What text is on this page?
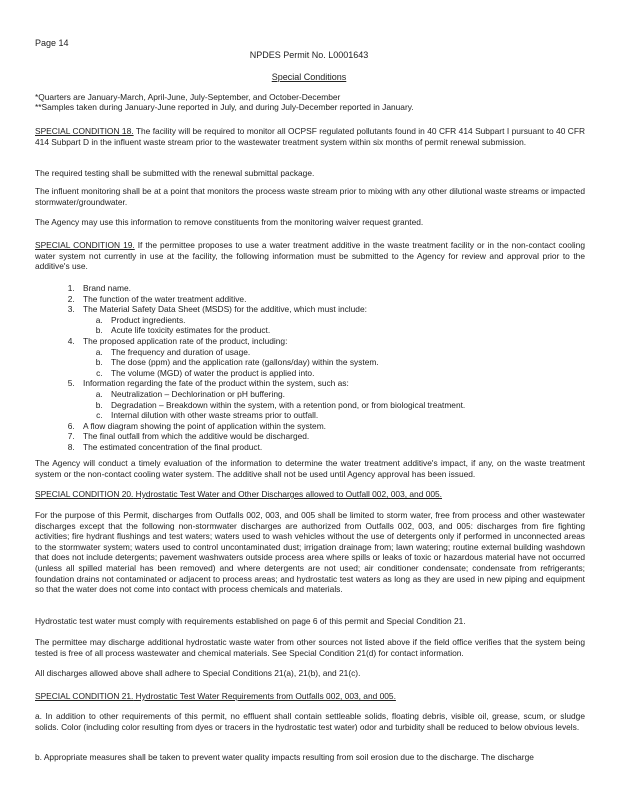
Page 14
NPDES Permit No. L0001643
Special Conditions

*Quarters are January-March, April-June, July-September, and October-December

**Samples taken during January-June reported in July, and during July-December reported in January.

SPECIAL CONDITION 18. The facility will be required to monitor all OCPSF regulated pollutants found in 40 CFR 414 Subpart I pursuant to 40 CFR 414 Subpart D in the influent waste stream prior to the wastewater treatment system within six months of permit renewal submission.

The required testing shall be submitted with the renewal submittal package.

The influent monitoring shall be at a point that monitors the process waste stream prior to mixing with any other dilutional waste streams or impacted stormwater/groundwater.

The Agency may use this information to remove constituents from the monitoring waiver request granted.

SPECIAL CONDITION 19. If the permittee proposes to use a water treatment additive in the waste treatment facility or in the non-contact cooling water system not currently in use at the facility, the following information must be submitted to the Agency for review and approval prior to the additive's use.

1. Brand name.
2. The function of the water treatment additive.
3. The Material Safety Data Sheet (MSDS) for the additive, which must include:
a. Product ingredients.
b. Acute life toxicity estimates for the product.
4. The proposed application rate of the product, including:
a. The frequency and duration of usage.
b. The dose (ppm) and the application rate (gallons/day) within the system.
c. The volume (MGD) of water the product is applied into.
5. Information regarding the fate of the product within the system, such as:
a. Neutralization – Dechlorination or pH buffering.
b. Degradation – Breakdown within the system, with a retention pond, or from biological treatment.
c. Internal dilution with other waste streams prior to outfall.
6. A flow diagram showing the point of application within the system.
7. The final outfall from which the additive would be discharged.
8. The estimated concentration of the final product.

The Agency will conduct a timely evaluation of the information to determine the water treatment additive's impact, if any, on the waste treatment system or the non-contact cooling water system. The additive shall not be used until Agency approval has been issued.

SPECIAL CONDITION 20. Hydrostatic Test Water and Other Discharges allowed to Outfall 002, 003, and 005.

For the purpose of this Permit, discharges from Outfalls 002, 003, and 005 shall be limited to storm water, free from process and other wastewater discharges except that the following non-stormwater discharges are authorized from Outfalls 002, 003, and 005: discharges from fire fighting activities; fire hydrant flushings and test waters; waters used to wash vehicles without the use of detergents only if performed in unconnected areas to the stormwater system; waters used to control uncontaminated dust; irrigation drainage from; lawn watering; routine external building washdown that does not include detergents; pavement washwaters outside process area where spills or leaks of toxic or hazardous material have not occurred (unless all spilled material has been removed) and where detergents are not used; air conditioner condensate; condensate from refrigerants; foundation drains not contaminated or adjacent to process areas; and hydrostatic test waters as long as they are used in new piping and equipment so that the water does not come into contact with process chemicals and materials.

Hydrostatic test water must comply with requirements established on page 6 of this permit and Special Condition 21.

The permittee may discharge additional hydrostatic waste water from other sources not listed above if the field office verifies that the system being tested is free of all process wastewater and chemical materials. See Special Condition 21(d) for contact information.

All discharges allowed above shall adhere to Special Conditions 21(a), 21(b), and 21(c).

SPECIAL CONDITION 21. Hydrostatic Test Water Requirements from Outfalls 002, 003, and 005.

a. In addition to other requirements of this permit, no effluent shall contain settleable solids, floating debris, visible oil, grease, scum, or sludge solids. Color (including color resulting from dyes or tracers in the hydrostatic test water) odor and turbidity shall be reduced to below obvious levels.

b. Appropriate measures shall be taken to prevent water quality impacts resulting from soil erosion due to the discharge. The discharge
